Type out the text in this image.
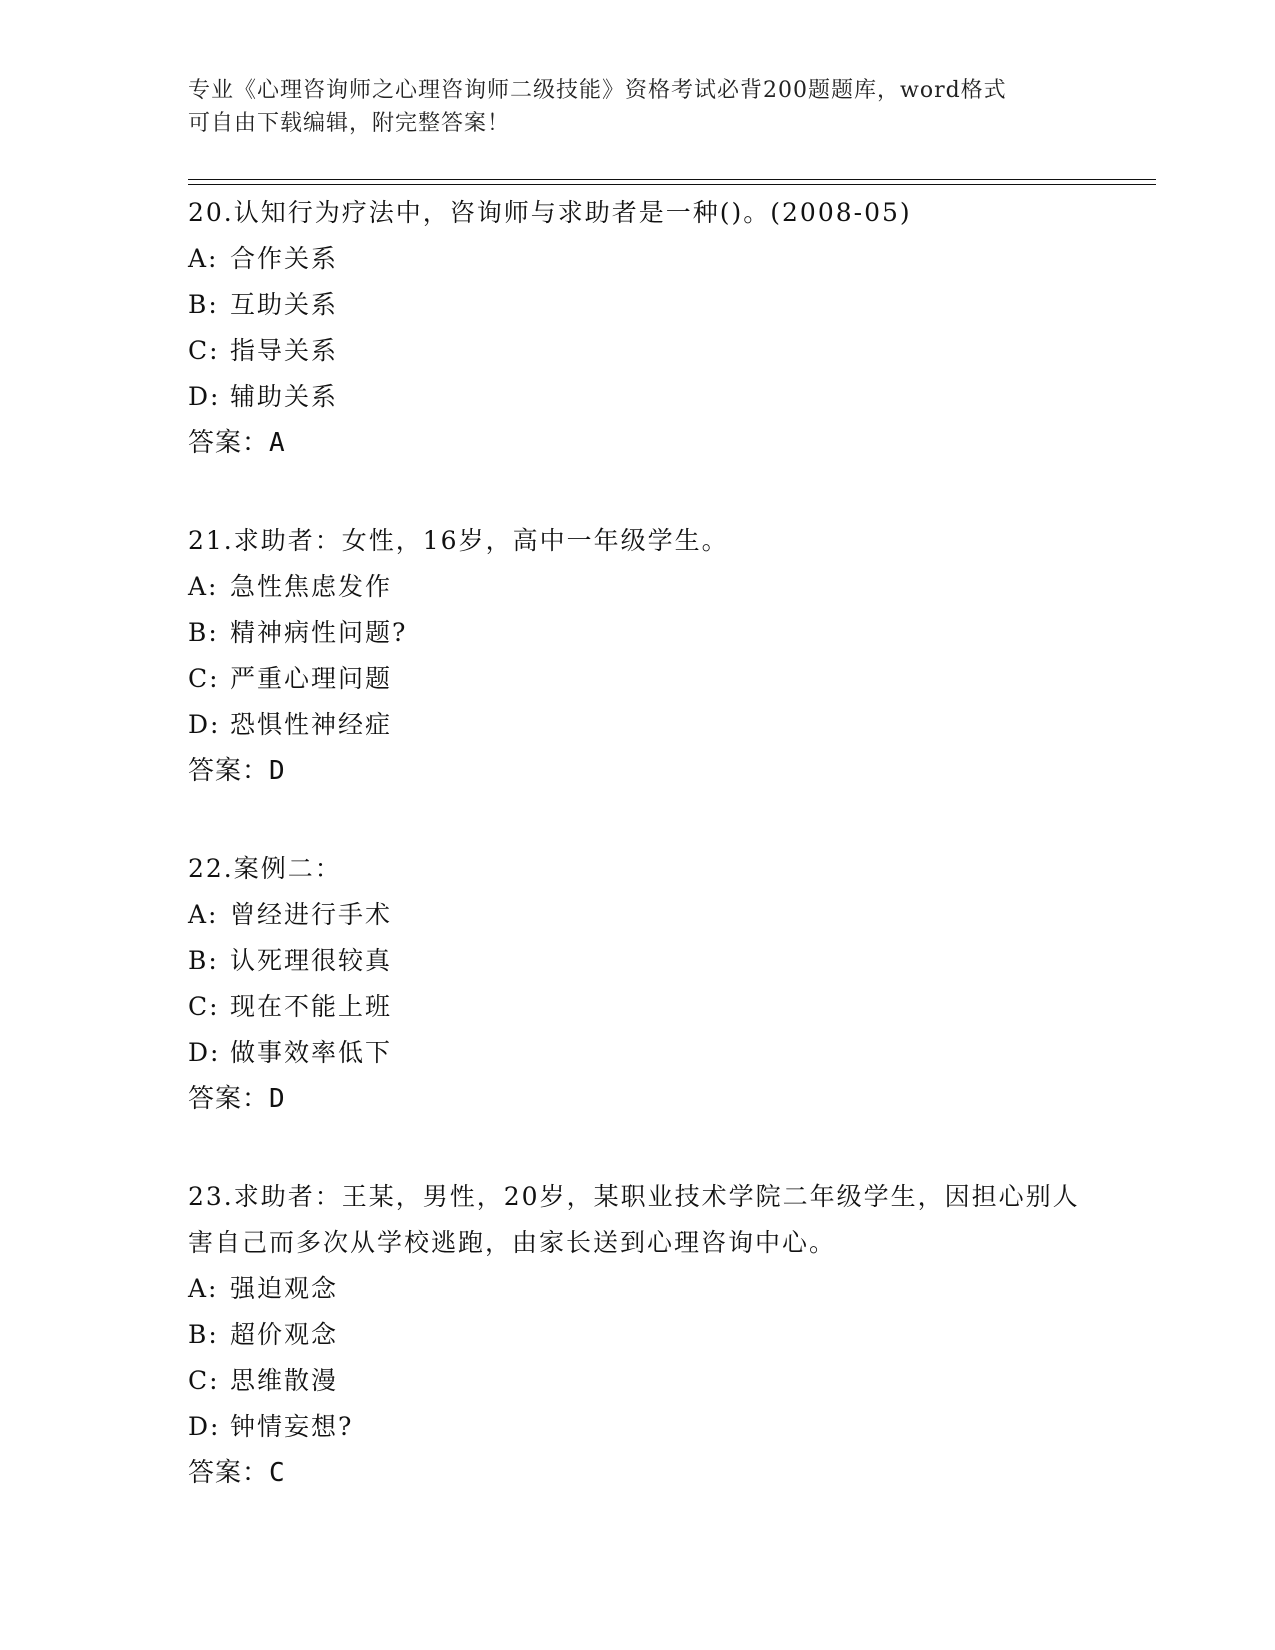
专业《心理咨询师之心理咨询师二级技能》资格考试必背200题题库，word格式
可自由下载编辑，附完整答案！
20.认知行为疗法中，咨询师与求助者是一种()。(2008-05)
A: 合作关系
B: 互助关系
C: 指导关系
D: 辅助关系
答案：A
21.求助者：女性，16岁，高中一年级学生。
A: 急性焦虑发作
B: 精神病性问题?
C: 严重心理问题
D: 恐惧性神经症
答案：D
22.案例二：
A: 曾经进行手术
B: 认死理很较真
C: 现在不能上班
D: 做事效率低下
答案：D
23.求助者：王某，男性，20岁，某职业技术学院二年级学生，因担心别人害自己而多次从学校逃跑，由家长送到心理咨询中心。
A: 强迫观念
B: 超价观念
C: 思维散漫
D: 钟情妄想?
答案：C
